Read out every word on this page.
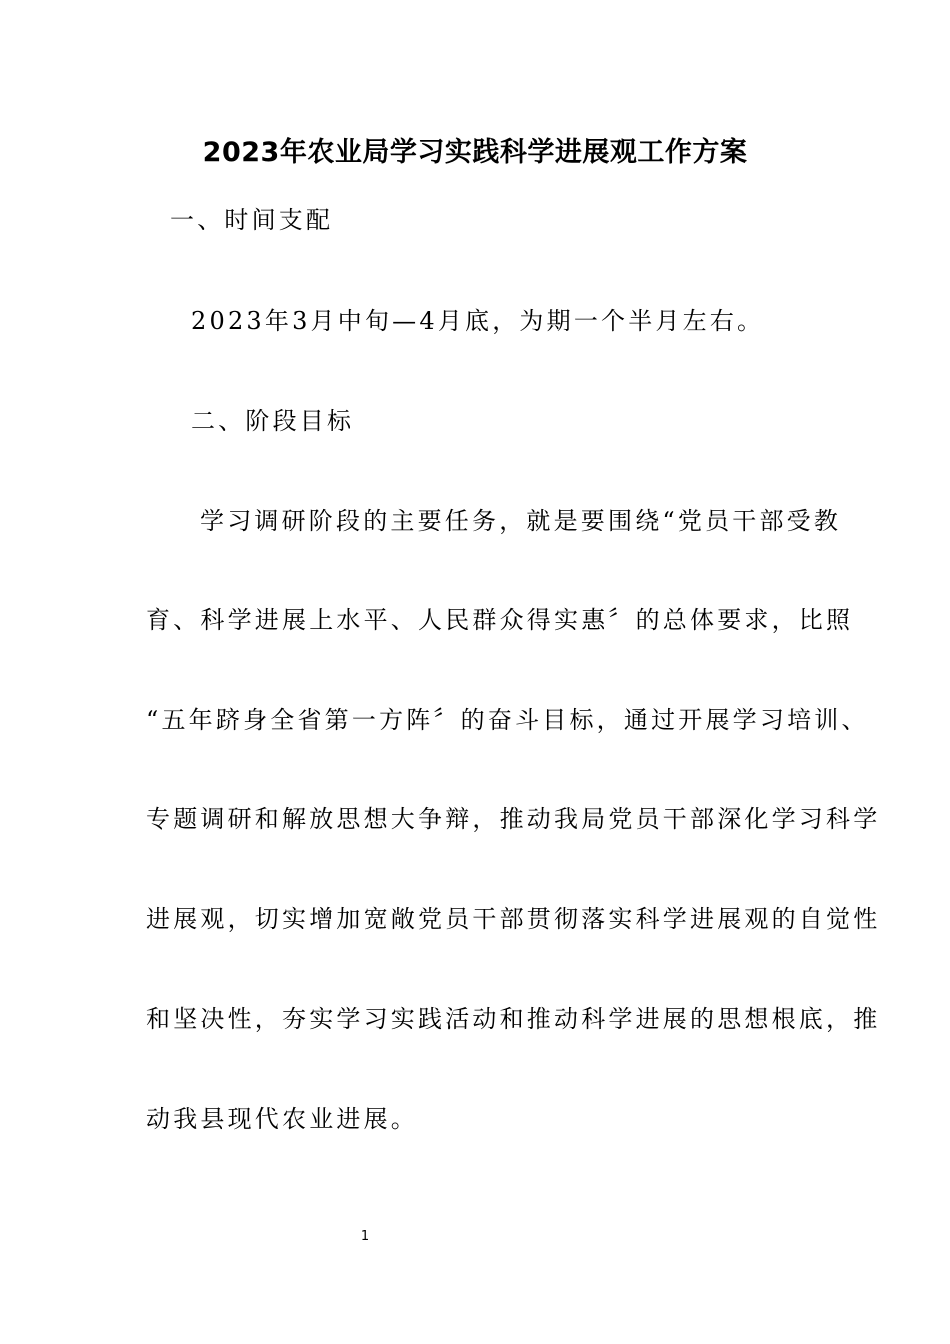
2023年农业局学习实践科学进展观工作方案
一、时间支配
2023年3月中旬—4月底，为期一个半月左右。
二、阶段目标
学习调研阶段的主要任务，就是要围绕“党员干部受教
育、科学进展上水平、人民群众得实惠〞的总体要求，比照
“五年跻身全省第一方阵〞的奋斗目标，通过开展学习培训、
专题调研和解放思想大争辩，推动我局党员干部深化学习科学
进展观，切实增加宽敞党员干部贯彻落实科学进展观的自觉性
和坚决性，夯实学习实践活动和推动科学进展的思想根底，推
动我县现代农业进展。
1
